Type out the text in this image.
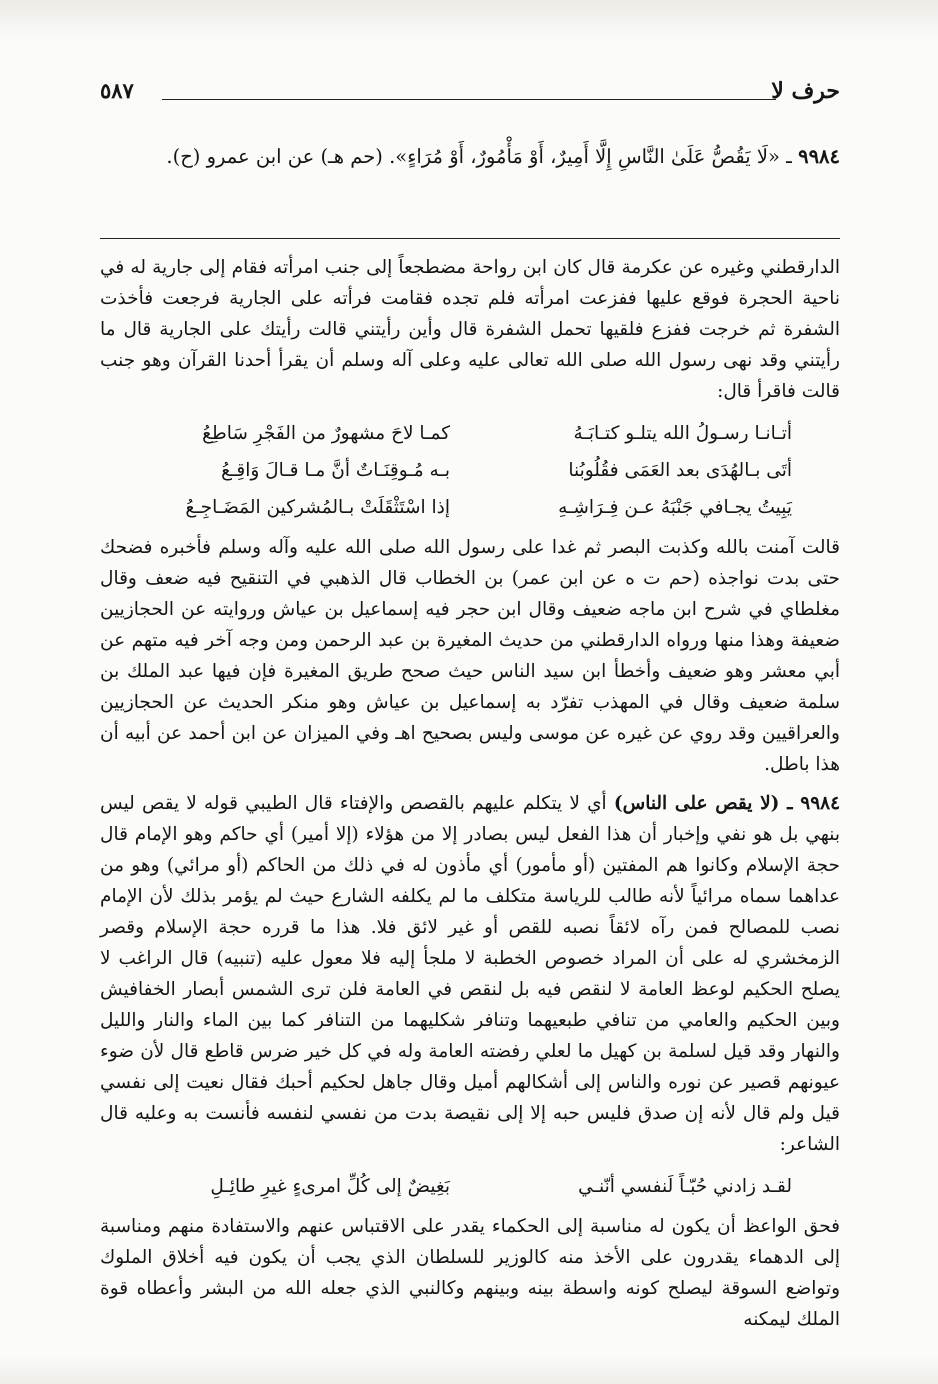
٥٨٧	حرف لا
٩٩٨٤ ـ «لَا يَقُصُّ عَلَىٰ النَّاسِ إِلَّا أَمِيرٌ، أَوْ مَأْمُورٌ، أَوْ مُرَاءٍ». (حم هـ) عن ابن عمرو (ح).

الدارقطني وغيره عن عكرمة قال كان ابن رواحة مضطجعاً إلى جنب امرأته فقام إلى جارية له في ناحية الحجرة فوقع عليها ففزعت امرأته فلم تجده فقامت فرأته على الجارية فرجعت فأخذت الشفرة ثم خرجت ففزع فلقيها تحمل الشفرة قال وأين رأيتني قالت رأيتك على الجارية قال ما رأيتني وقد نهى رسول الله صلى الله تعالى عليه وعلى آله وسلم أن يقرأ أحدنا القرآن وهو جنب قالت فاقرأ قال:

أتـانـا رسـولُ الله يتلـو كتـابَـهُ
كمـا لاحَ مشهورٌ من الفَجْرِ سَاطِعُ
أتَى بـالهُدَى بعد العَمَى فقُلُوبُنا
بـه مُـوقِنَـاتٌ أنَّ مـا قـالَ وَاقِـعُ
يَبِيتُ يجـافي جَنْبَهُ عـن فِـرَاشِـهِ
إذا اسْتَثْقَلَتْ بـالمُشركين المَضَـاجِـعُ

قالت آمنت بالله وكذبت البصر ثم غدا على رسول الله صلى الله عليه وآله وسلم فأخبره فضحك حتى بدت نواجذه (حم ت ه عن ابن عمر) بن الخطاب قال الذهبي في التنقيح فيه ضعف وقال مغلطاي في شرح ابن ماجه ضعيف وقال ابن حجر فيه إسماعيل بن عياش وروايته عن الحجازيين ضعيفة وهذا منها ورواه الدارقطني من حديث المغيرة بن عبد الرحمن ومن وجه آخر فيه متهم عن أبي معشر وهو ضعيف وأخطأ ابن سيد الناس حيث صحح طريق المغيرة فإن فيها عبد الملك بن سلمة ضعيف وقال في المهذب تفرّد به إسماعيل بن عياش وهو منكر الحديث عن الحجازيين والعراقيين وقد روي عن غيره عن موسى وليس بصحيح اهـ وفي الميزان عن ابن أحمد عن أبيه أن هذا باطل.

٩٩٨٤ ـ (لا يقص على الناس) أي لا يتكلم عليهم بالقصص والإفتاء قال الطيبي قوله لا يقص ليس بنهي بل هو نفي وإخبار أن هذا الفعل ليس بصادر إلا من هؤلاء (إلا أمير) أي حاكم وهو الإمام قال حجة الإسلام وكانوا هم المفتين (أو مأمور) أي مأذون له في ذلك من الحاكم (أو مرائي) وهو من عداهما سماه مرائياً لأنه طالب للرياسة متكلف ما لم يكلفه الشارع حيث لم يؤمر بذلك لأن الإمام نصب للمصالح فمن رآه لائقاً نصبه للقص أو غير لائق فلا. هذا ما قرره حجة الإسلام وقصر الزمخشري له على أن المراد خصوص الخطبة لا ملجأ إليه فلا معول عليه (تنبيه) قال الراغب لا يصلح الحكيم لوعظ العامة لا لنقص فيه بل لنقص في العامة فلن ترى الشمس أبصار الخفافيش وبين الحكيم والعامي من تنافي طبعيهما وتنافر شكليهما من التنافر كما بين الماء والنار والليل والنهار وقد قيل لسلمة بن كهيل ما لعلي رفضته العامة وله في كل خير ضرس قاطع قال لأن ضوء عيونهم قصير عن نوره والناس إلى أشكالهم أميل وقال جاهل لحكيم أحبك فقال نعيت إلى نفسي قيل ولم قال لأنه إن صدق فليس حبه إلا إلى نقيصة بدت من نفسي لنفسه فأنست به وعليه قال الشاعر:

لقـد زادني حُبّـاً لَنفسي أنّنـي
بَغِيضٌ إلى كُلِّ امرىءٍ غيرِ طائِـلِ

فحق الواعظ أن يكون له مناسبة إلى الحكماء يقدر على الاقتباس عنهم والاستفادة منهم ومناسبة إلى الدهماء يقدرون على الأخذ منه كالوزير للسلطان الذي يجب أن يكون فيه أخلاق الملوك وتواضع السوقة ليصلح كونه واسطة بينه وبينهم وكالنبي الذي جعله الله من البشر وأعطاه قوة الملك ليمكنه
